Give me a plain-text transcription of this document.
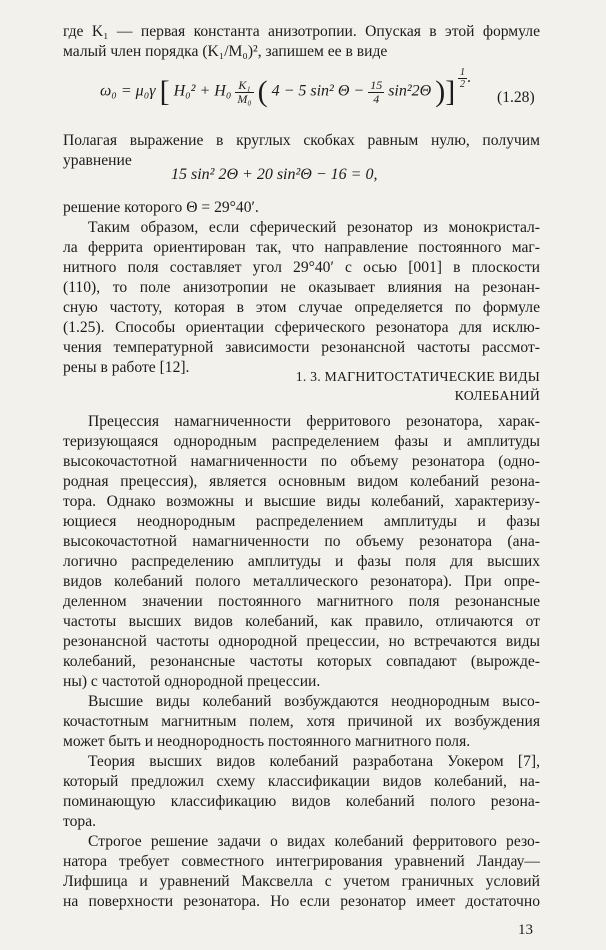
где K₁ — первая константа анизотропии. Опуская в этой формуле
малый член порядка (K₁/M₀)², запишем ее в виде
ω₀ = μ₀γ [ $H_0^2 + H_0 \frac{\text{K₁}}{\text{M₀}}$ ( 4 − 5 sin² $\Theta - \frac{15}{4} \sin^22\Theta$ )] $\frac{1}{2}$ .
(1.28)
Полагая выражение в круглых скобках равным нулю, получим
уравнение
15 sin² 2Θ + 20 sin²Θ − 16 = 0,
решение которого Θ = 29°40′.
Таким образом, если сферический резонатор из монокристал-
ла феррита ориентирован так, что направление постоянного маг-
нитного поля составляет угол 29°40′ с осью [001] в плоскости
(110), то поле анизотропии не оказывает влияния на резонан-
сную частоту, которая в этом случае определяется по формуле
(1.25). Способы ориентации сферического резонатора для исклю-
чения температурной зависимости резонансной частоты рассмот-
рены в работе [12].
1. 3. МАГНИТОСТАТИЧЕСКИЕ ВИДЫ
КОЛЕБАНИЙ
Прецессия намагниченности ферритового резонатора, харак-
теризующаяся однородным распределением фазы и амплитуды
высокочастотной намагниченности по объему резонатора (одно-
родная прецессия), является основным видом колебаний резона-
тора. Однако возможны и высшие виды колебаний, характеризу-
ющиеся неоднородным распределением амплитуды и фазы
высокочастотной намагниченности по объему резонатора (ана-
логично распределению амплитуды и фазы поля для высших
видов колебаний полого металлического резонатора). При опре-
деленном значении постоянного магнитного поля резонансные
частоты высших видов колебаний, как правило, отличаются от
резонансной частоты однородной прецессии, но встречаются виды
колебаний, резонансные частоты которых совпадают (вырожде-
ны) с частотой однородной прецессии.
Высшие виды колебаний возбуждаются неоднородным высо-
кочастотным магнитным полем, хотя причиной их возбуждения
может быть и неоднородность постоянного магнитного поля.
Теория высших видов колебаний разработана Уокером [7],
который предложил схему классификации видов колебаний, на-
поминающую классификацию видов колебаний полого резона-
тора.
Строгое решение задачи о видах колебаний ферритового резо-
натора требует совместного интегрирования уравнений Ландау—
Лифшица и уравнений Максвелла с учетом граничных условий
на поверхности резонатора. Но если резонатор имеет достаточно
13
